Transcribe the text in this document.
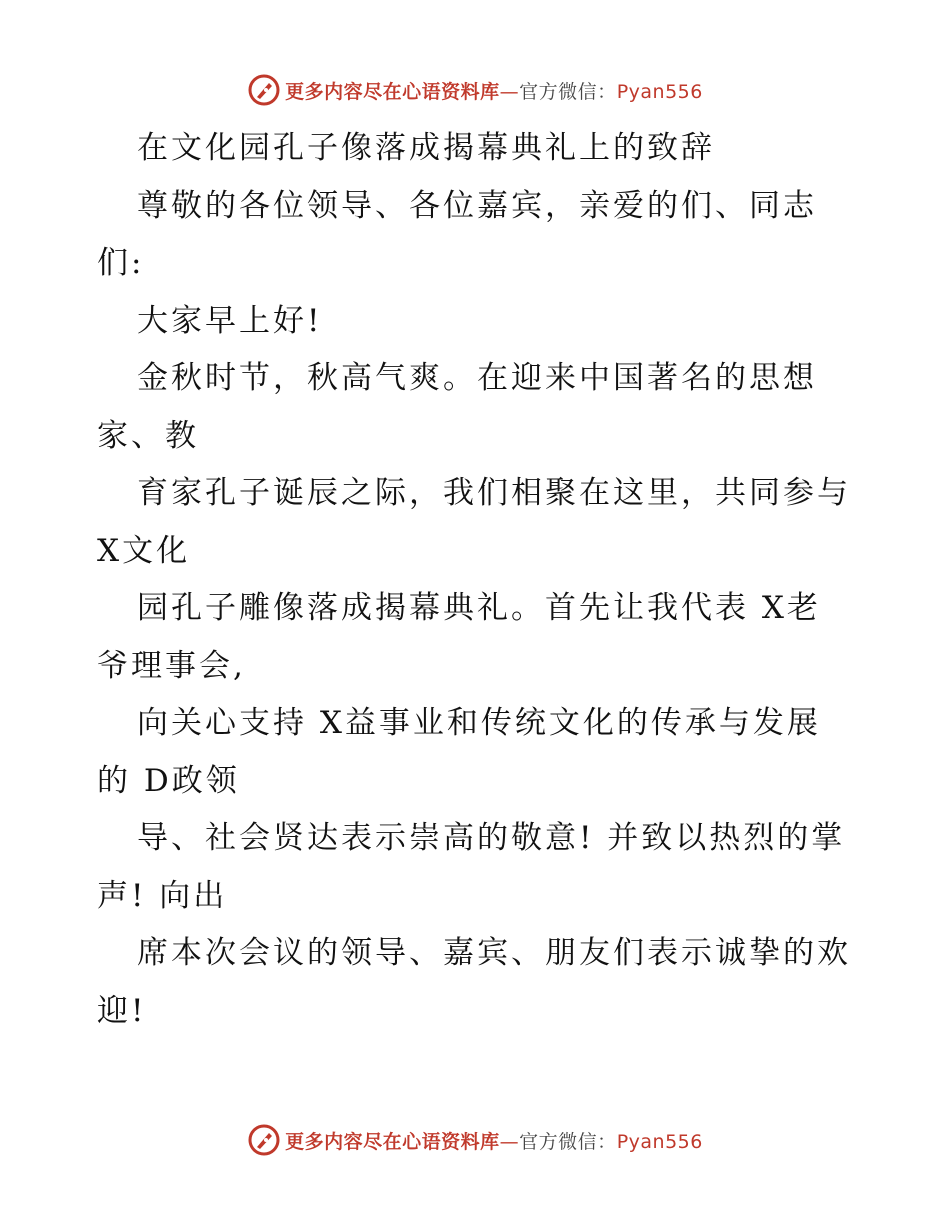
更多内容尽在心语资料库—官方微信：Pyan556
在文化园孔子像落成揭幕典礼上的致辞
尊敬的各位领导、各位嘉宾，亲爱的们、同志
们:
大家早上好!
金秋时节，秋高气爽。在迎来中国著名的思想
家、教
育家孔子诞辰之际，我们相聚在这里，共同参与
X文化
园孔子雕像落成揭幕典礼。首先让我代表 X老
爷理事会,
向关心支持 X益事业和传统文化的传承与发展
的 D政领
导、社会贤达表示崇高的敬意! 并致以热烈的掌
声! 向出
席本次会议的领导、嘉宾、朋友们表示诚挚的欢
迎!
更多内容尽在心语资料库—官方微信：Pyan556
